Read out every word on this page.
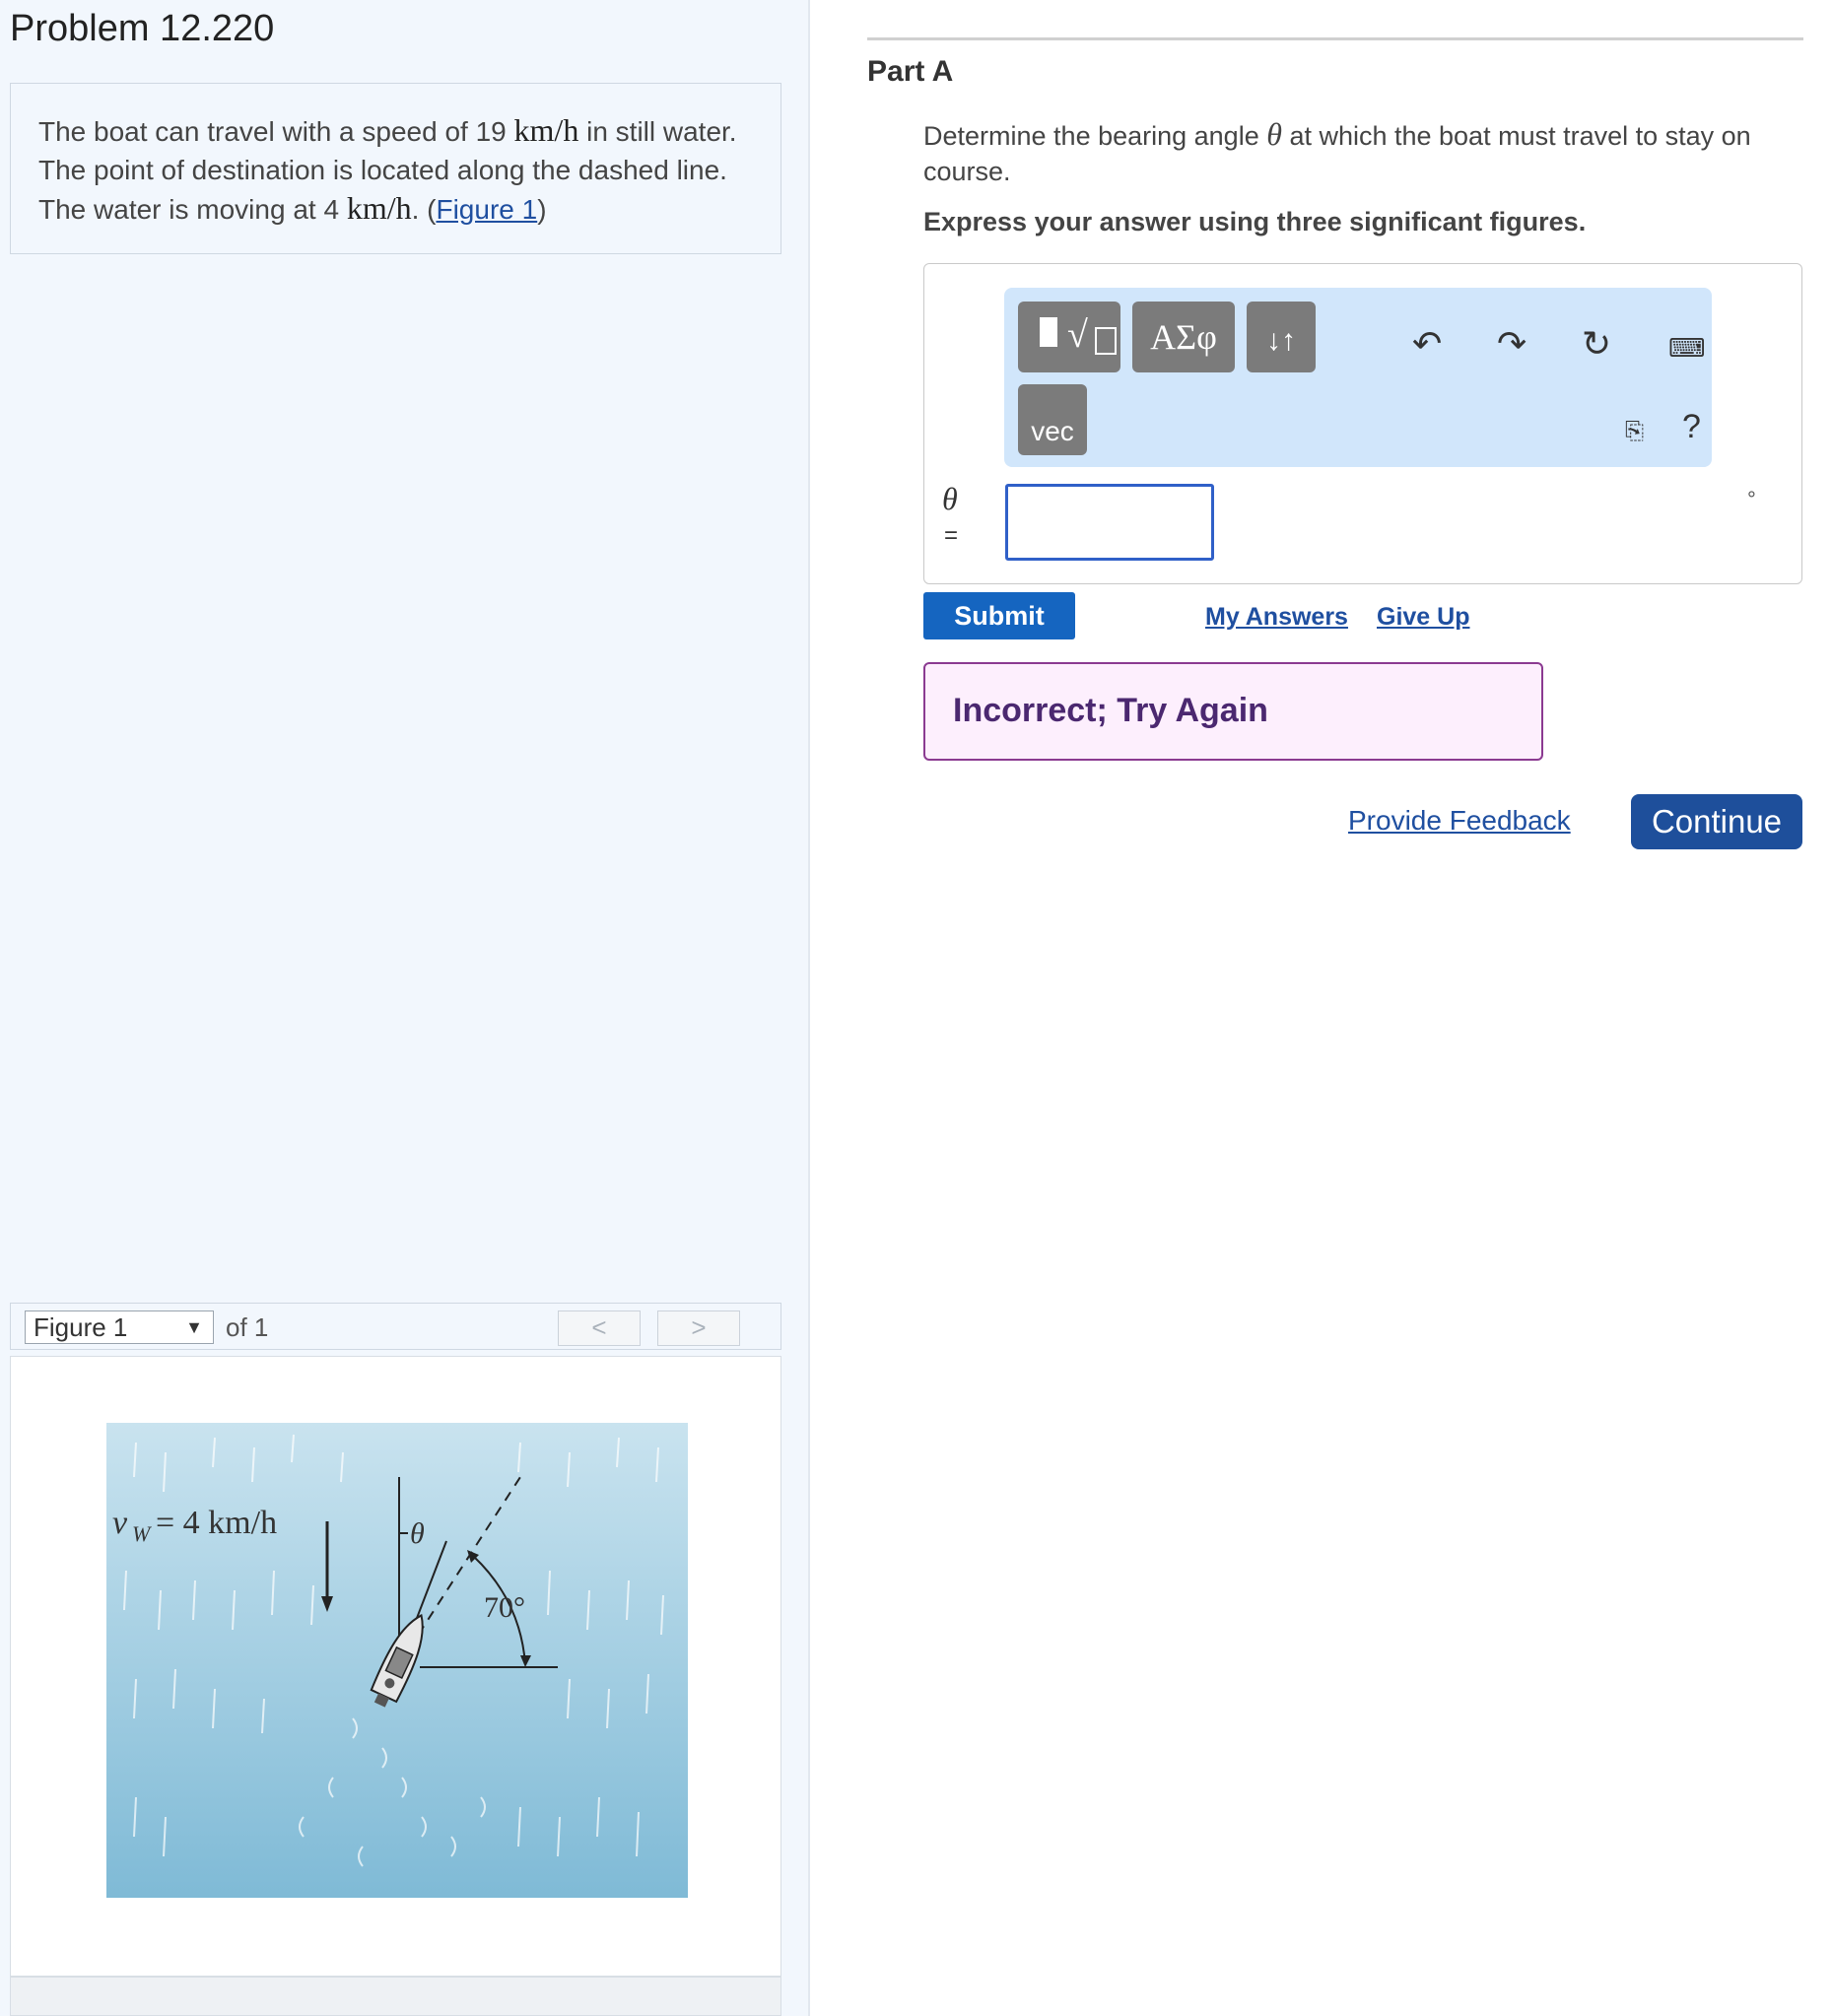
Problem 12.220
The boat can travel with a speed of 19 km/h in still water. The point of destination is located along the dashed line. The water is moving at 4 km/h. (Figure 1)
Figure 1	▼ of 1	<	>
v W = 4 km/h	θ
70°
Part A
Determine the bearing angle θ at which the boat must travel to stay on course.
Express your answer using three significant figures.
√	ΑΣφ	↓↑
vec
↶ ↷ ↻ ⌨
⎘ ?
θ
=
°
Submit	My Answers Give Up
Incorrect; Try Again
Provide Feedback	Continue
